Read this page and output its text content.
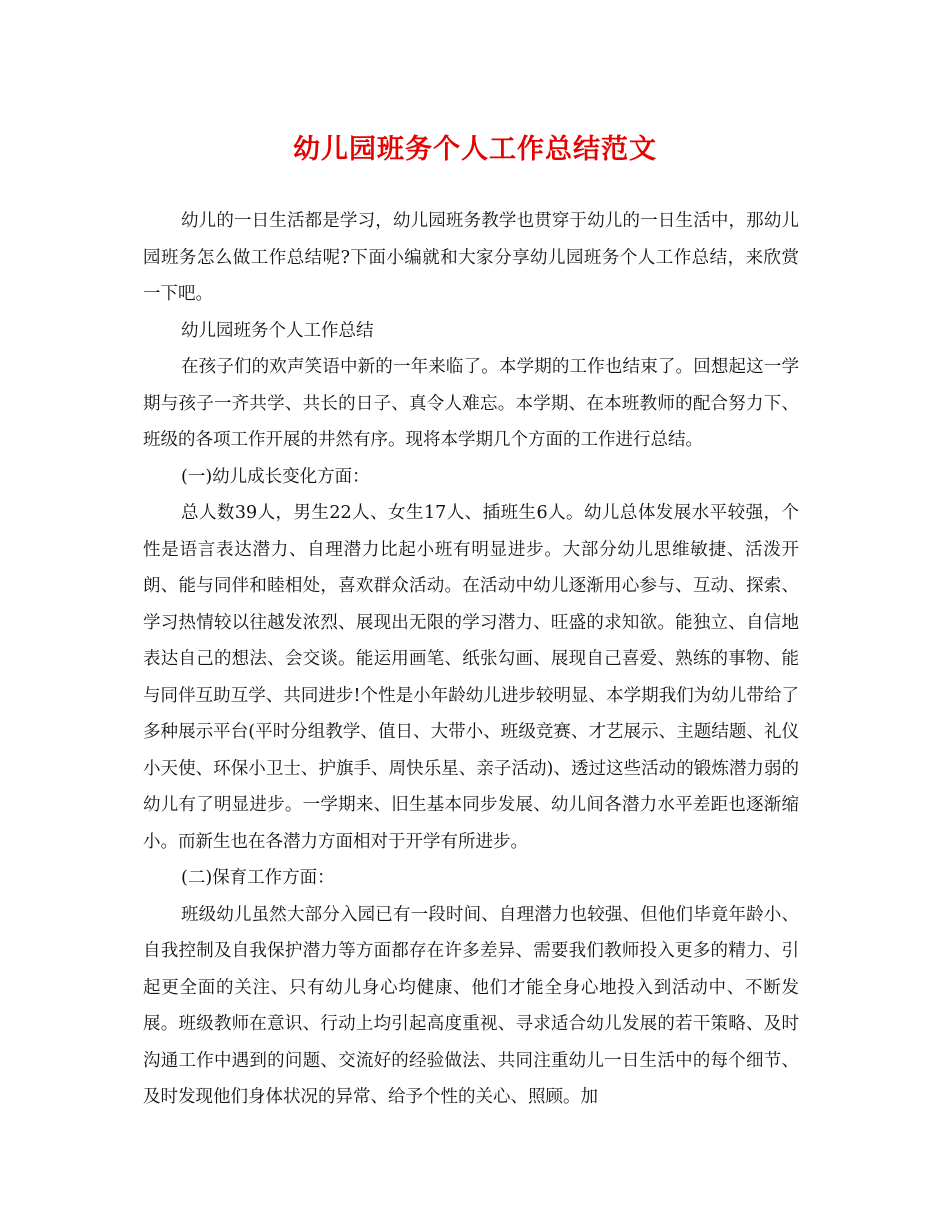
幼儿园班务个人工作总结范文

幼儿的一日生活都是学习，幼儿园班务教学也贯穿于幼儿的一日生活中，那幼儿园班务怎么做工作总结呢?下面小编就和大家分享幼儿园班务个人工作总结，来欣赏一下吧。

幼儿园班务个人工作总结

在孩子们的欢声笑语中新的一年来临了。本学期的工作也结束了。回想起这一学期与孩子一齐共学、共长的日子、真令人难忘。本学期、在本班教师的配合努力下、班级的各项工作开展的井然有序。现将本学期几个方面的工作进行总结。

(一)幼儿成长变化方面：

总人数39人，男生22人、女生17人、插班生6人。幼儿总体发展水平较强，个性是语言表达潜力、自理潜力比起小班有明显进步。大部分幼儿思维敏捷、活泼开朗、能与同伴和睦相处，喜欢群众活动。在活动中幼儿逐渐用心参与、互动、探索、学习热情较以往越发浓烈、展现出无限的学习潜力、旺盛的求知欲。能独立、自信地表达自己的想法、会交谈。能运用画笔、纸张勾画、展现自己喜爱、熟练的事物、能与同伴互助互学、共同进步!个性是小年龄幼儿进步较明显、本学期我们为幼儿带给了多种展示平台(平时分组教学、值日、大带小、班级竞赛、才艺展示、主题结题、礼仪小天使、环保小卫士、护旗手、周快乐星、亲子活动)、透过这些活动的锻炼潜力弱的幼儿有了明显进步。一学期来、旧生基本同步发展、幼儿间各潜力水平差距也逐渐缩小。而新生也在各潜力方面相对于开学有所进步。

(二)保育工作方面：

班级幼儿虽然大部分入园已有一段时间、自理潜力也较强、但他们毕竟年龄小、自我控制及自我保护潜力等方面都存在许多差异、需要我们教师投入更多的精力、引起更全面的关注、只有幼儿身心均健康、他们才能全身心地投入到活动中、不断发展。班级教师在意识、行动上均引起高度重视、寻求适合幼儿发展的若干策略、及时沟通工作中遇到的问题、交流好的经验做法、共同注重幼儿一日生活中的每个细节、及时发现他们身体状况的异常、给予个性的关心、照顾。加
